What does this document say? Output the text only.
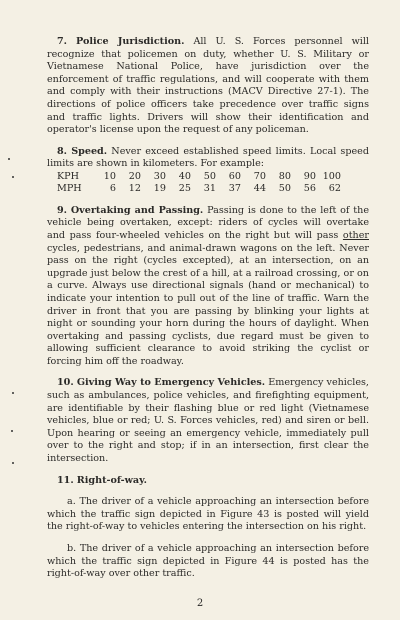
7. Police Jurisdiction. All U. S. Forces personnel will recognize that policemen on duty, whether U. S. Military or Vietnamese National Police, have jurisdiction over the enforcement of traffic regulations, and will cooperate with them and comply with their instructions (MACV Directive 27-1). The directions of police officers take precedence over traffic signs and traffic lights. Drivers will show their identification and operator's license upon the request of any policeman.

8. Speed. Never exceed established speed limits. Local speed limits are shown in kilometers. For example:

KPH	10	20	30	40	50	60	70	80	90	100
MPH	6	12	19	25	31	37	44	50	56	62

9. Overtaking and Passing. Passing is done to the left of the vehicle being overtaken, except: riders of cycles will overtake and pass four-wheeled vehicles on the right but will pass other cycles, pedestrians, and animal-drawn wagons on the left. Never pass on the right (cycles excepted), at an intersection, on an upgrade just below the crest of a hill, at a railroad crossing, or on a curve. Always use directional signals (hand or mechanical) to indicate your intention to pull out of the line of traffic. Warn the driver in front that you are passing by blinking your lights at night or sounding your horn during the hours of daylight. When overtaking and passing cyclists, due regard must be given to allowing sufficient clearance to avoid striking the cyclist or forcing him off the roadway.

10. Giving Way to Emergency Vehicles. Emergency vehicles, such as ambulances, police vehicles, and firefighting equipment, are identifiable by their flashing blue or red light (Vietnamese vehicles, blue or red; U. S. Forces vehicles, red) and siren or bell. Upon hearing or seeing an emergency vehicle, immediately pull over to the right and stop; if in an intersection, first clear the intersection.

11. Right-of-way.

a. The driver of a vehicle approaching an intersection before which the traffic sign depicted in Figure 43 is posted will yield the right-of-way to vehicles entering the intersection on his right.

b. The driver of a vehicle approaching an intersection before which the traffic sign depicted in Figure 44 is posted has the right-of-way over other traffic.

2
